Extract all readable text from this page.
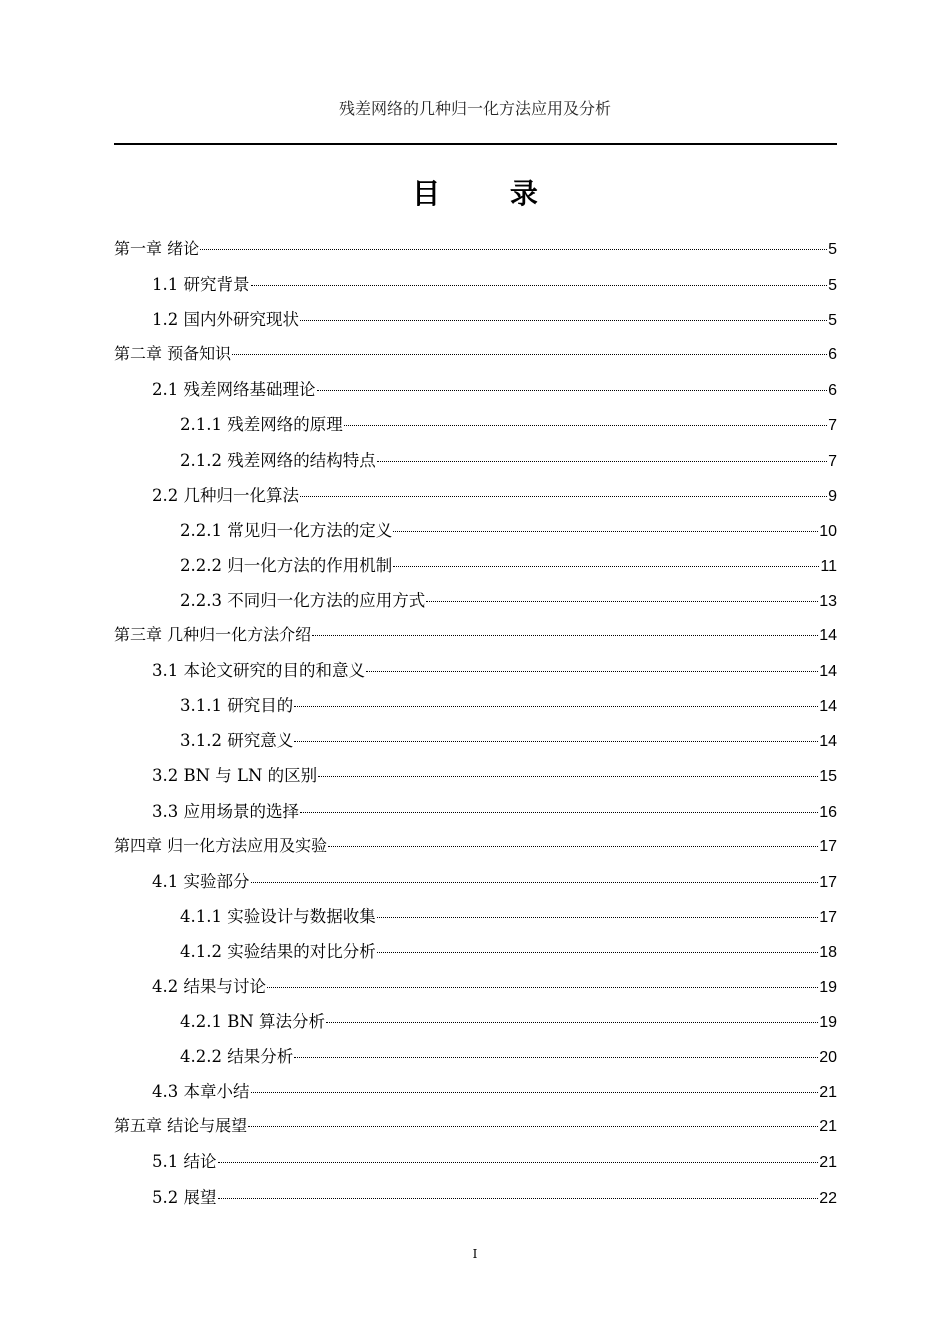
残差网络的几种归一化方法应用及分析
目 录
第一章 绪论	5
1.1 研究背景	5
1.2 国内外研究现状	5
第二章 预备知识	6
2.1 残差网络基础理论	6
2.1.1 残差网络的原理	7
2.1.2 残差网络的结构特点	7
2.2 几种归一化算法	9
2.2.1 常见归一化方法的定义	10
2.2.2 归一化方法的作用机制	11
2.2.3 不同归一化方法的应用方式	13
第三章 几种归一化方法介绍	14
3.1 本论文研究的目的和意义	14
3.1.1 研究目的	14
3.1.2 研究意义	14
3.2 BN 与 LN 的区别	15
3.3 应用场景的选择	16
第四章 归一化方法应用及实验	17
4.1 实验部分	17
4.1.1 实验设计与数据收集	17
4.1.2 实验结果的对比分析	18
4.2 结果与讨论	19
4.2.1 BN 算法分析	19
4.2.2 结果分析	20
4.3 本章小结	21
第五章 结论与展望	21
5.1 结论	21
5.2 展望	22
I
